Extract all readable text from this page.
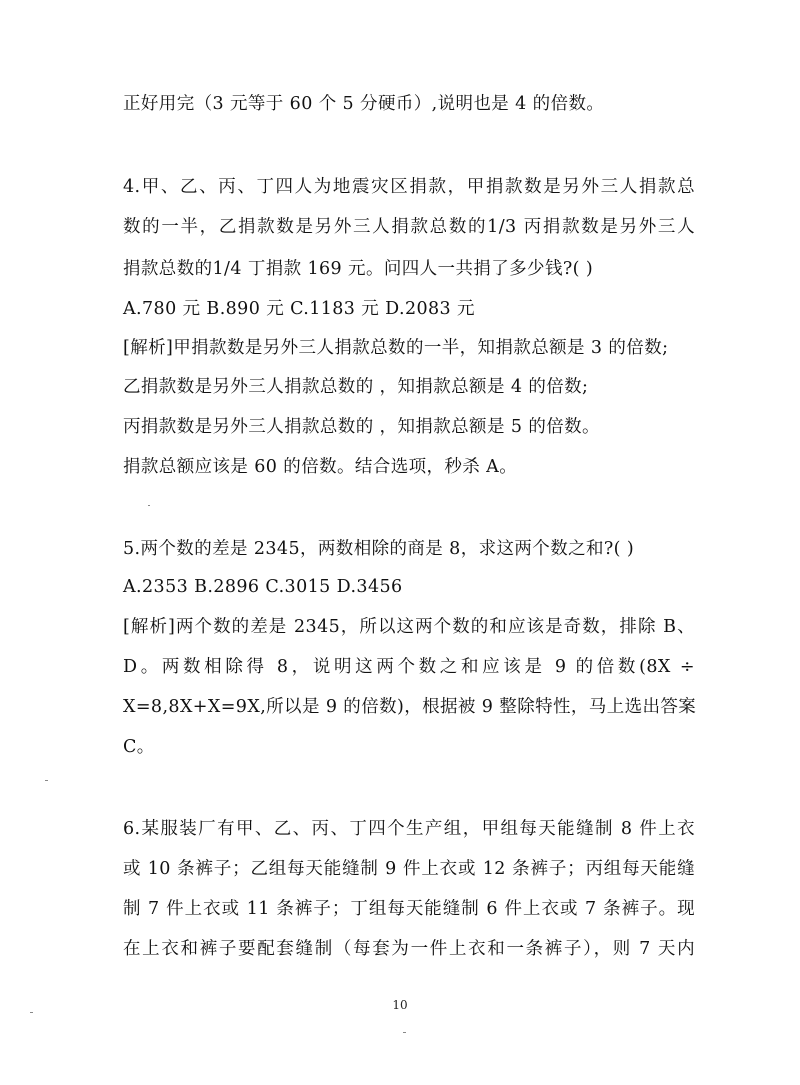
正好用完（3 元等于 60 个 5 分硬币）,说明也是 4 的倍数。
4.甲、乙、丙、丁四人为地震灾区捐款，甲捐款数是另外三人捐款总
数的一半，乙捐款数是另外三人捐款总数的1/3 丙捐款数是另外三人
捐款总数的1/4 丁捐款 169 元。问四人一共捐了多少钱?( )
A.780 元 B.890 元 C.1183 元 D.2083 元
[解析]甲捐款数是另外三人捐款总数的一半，知捐款总额是 3 的倍数;
乙捐款数是另外三人捐款总数的 ，知捐款总额是 4 的倍数;
丙捐款数是另外三人捐款总数的 ，知捐款总额是 5 的倍数。
捐款总额应该是 60 的倍数。结合选项，秒杀 A。
5.两个数的差是 2345，两数相除的商是 8，求这两个数之和?( )
A.2353 B.2896 C.3015 D.3456
[解析]两个数的差是 2345，所以这两个数的和应该是奇数，排除 B、
D。两数相除得 8，说明这两个数之和应该是 9 的倍数(8X ÷
X=8,8X+X=9X,所以是 9 的倍数)，根据被 9 整除特性，马上选出答案
C。
6.某服装厂有甲、乙、丙、丁四个生产组，甲组每天能缝制 8 件上衣
或 10 条裤子；乙组每天能缝制 9 件上衣或 12 条裤子；丙组每天能缝
制 7 件上衣或 11 条裤子；丁组每天能缝制 6 件上衣或 7 条裤子。现
在上衣和裤子要配套缝制（每套为一件上衣和一条裤子），则 7 天内
10
